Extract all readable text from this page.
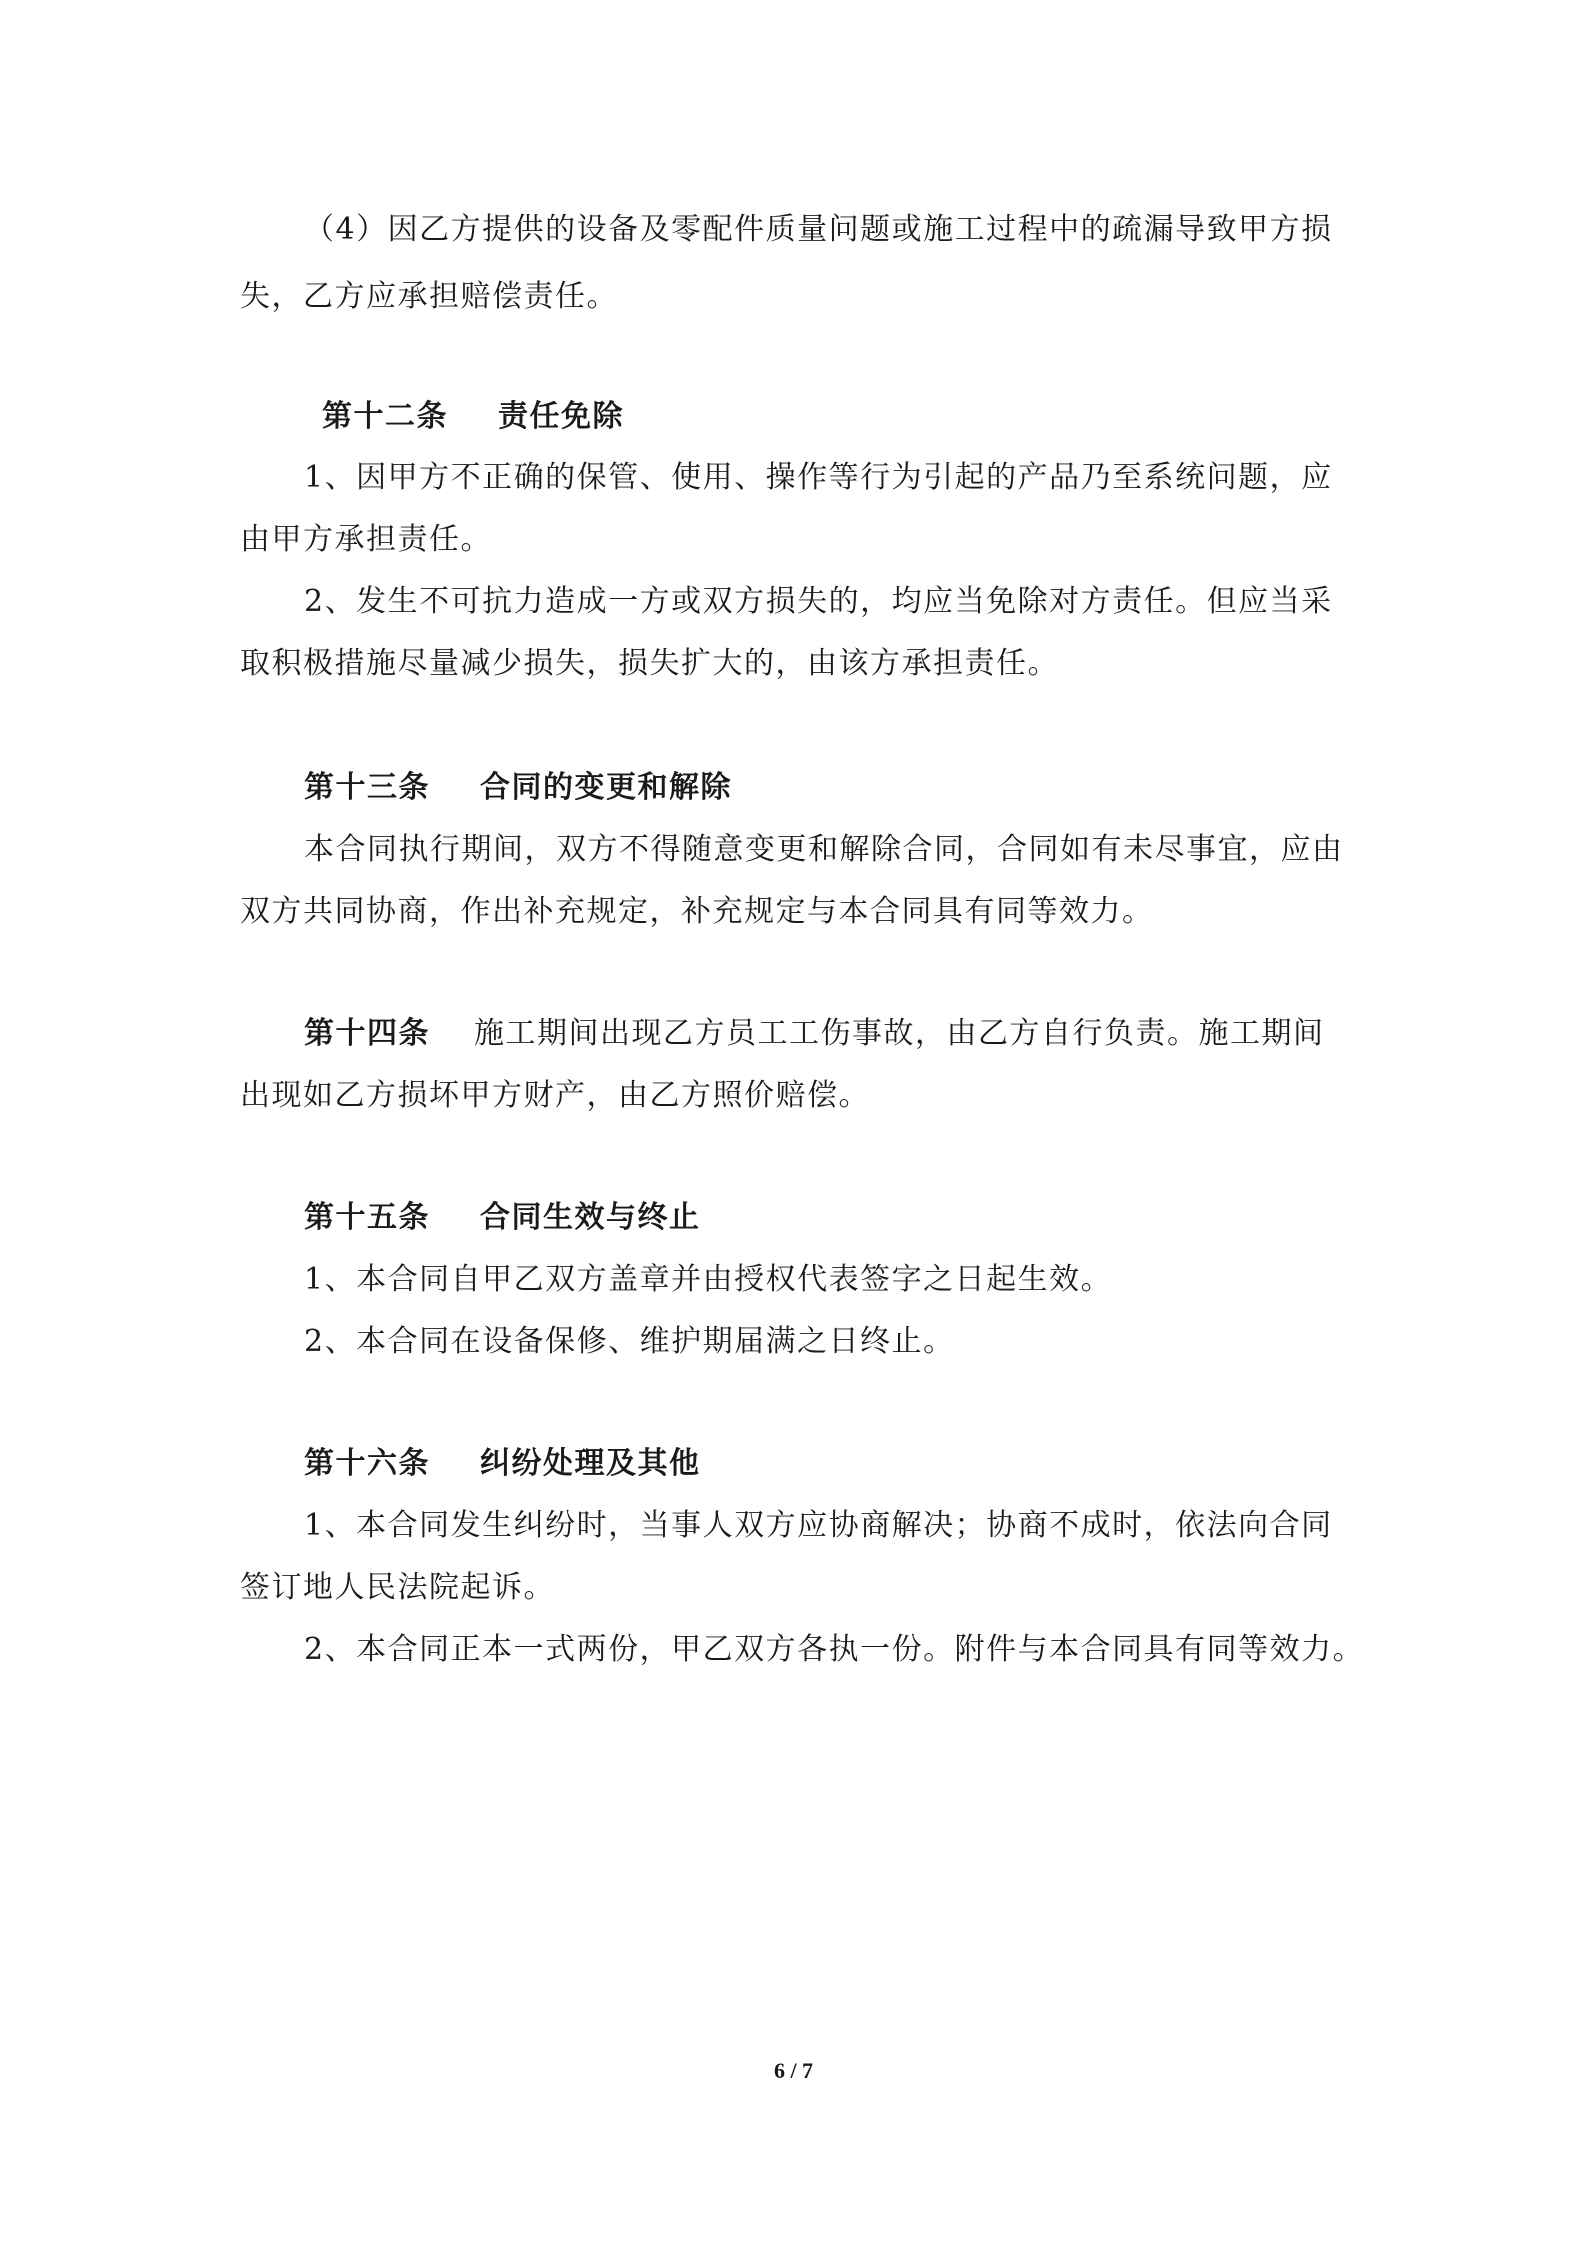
（4）因乙方提供的设备及零配件质量问题或施工过程中的疏漏导致甲方损
失，乙方应承担赔偿责任。
第十二条 责任免除
1、因甲方不正确的保管、使用、操作等行为引起的产品乃至系统问题，应
由甲方承担责任。
2、发生不可抗力造成一方或双方损失的，均应当免除对方责任。但应当采
取积极措施尽量减少损失，损失扩大的，由该方承担责任。
第十三条 合同的变更和解除
本合同执行期间，双方不得随意变更和解除合同，合同如有未尽事宜，应由
双方共同协商，作出补充规定，补充规定与本合同具有同等效力。
第十四条 施工期间出现乙方员工工伤事故，由乙方自行负责。施工期间
出现如乙方损坏甲方财产，由乙方照价赔偿。
第十五条 合同生效与终止
1、本合同自甲乙双方盖章并由授权代表签字之日起生效。
2、本合同在设备保修、维护期届满之日终止。
第十六条 纠纷处理及其他
1、本合同发生纠纷时，当事人双方应协商解决；协商不成时，依法向合同
签订地人民法院起诉。
2、本合同正本一式两份，甲乙双方各执一份。附件与本合同具有同等效力。
6 / 7
